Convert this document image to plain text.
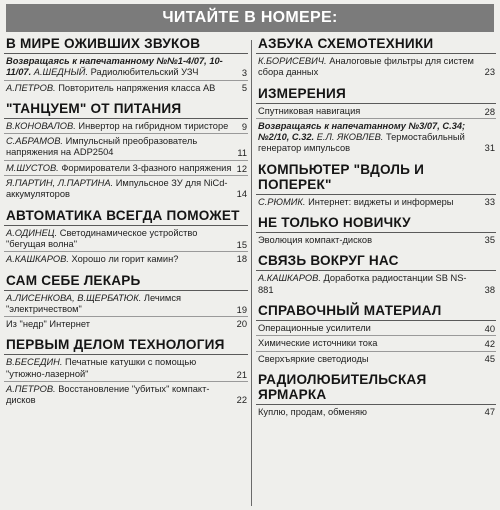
ЧИТАЙТЕ В НОМЕРЕ:
В МИРЕ ОЖИВШИХ ЗВУКОВ
Возвращаясь к напечатанному №№1-4/07, 10-11/07. А.ШЕДНЫЙ. Радиолюбительский УЗЧ	3
А.ПЕТРОВ. Повторитель напряжения класса АВ	5
"ТАНЦУЕМ" ОТ ПИТАНИЯ
В.КОНОВАЛОВ. Инвертор на гибридном тиристоре 9
С.АБРАМОВ. Импульсный преобразователь напряжения на ADP2504	11
М.ШУСТОВ. Формирователи 3-фазного напряжения 12
Я.ПАРТИН, Л.ПАРТИНА. Импульсное ЗУ для NiCd-аккумуляторов	14
АВТОМАТИКА ВСЕГДА ПОМОЖЕТ
А.ОДИНЕЦ. Светодинамическое устройство "бегущая волна"	15
А.КАШКАРОВ. Хорошо ли горит камин?	18
САМ СЕБЕ ЛЕКАРЬ
А.ЛИСЕНКОВА, В.ЩЕРБАТЮК. Лечимся "электричеством"	19
Из "недр" Интернет	20
ПЕРВЫМ ДЕЛОМ ТЕХНОЛОГИЯ
В.БЕСЕДИН. Печатные катушки с помощью "утюжно-лазерной"	21
А.ПЕТРОВ. Восстановление "убитых" компакт-дисков	22
АЗБУКА СХЕМОТЕХНИКИ
К.БОРИСЕВИЧ. Аналоговые фильтры для систем сбора данных	23
ИЗМЕРЕНИЯ
Спутниковая навигация	28
Возвращаясь к напечатанному №3/07, С.34; №2/10, С.32. Е.Л. ЯКОВЛЕВ. Термостабильный генератор импульсов	31
КОМПЬЮТЕР "ВДОЛЬ И ПОПЕРЕК"
С.РЮМИК. Интернет: виджеты и информеры	33
НЕ ТОЛЬКО НОВИЧКУ
Эволюция компакт-дисков	35
СВЯЗЬ ВОКРУГ НАС
А.КАШКАРОВ. Доработка радиостанции SB NS-881	38
СПРАВОЧНЫЙ МАТЕРИАЛ
Операционные усилители	40
Химические источники тока	42
Сверхъяркие светодиоды	45
РАДИОЛЮБИТЕЛЬСКАЯ ЯРМАРКА
Куплю, продам, обменяю	47
